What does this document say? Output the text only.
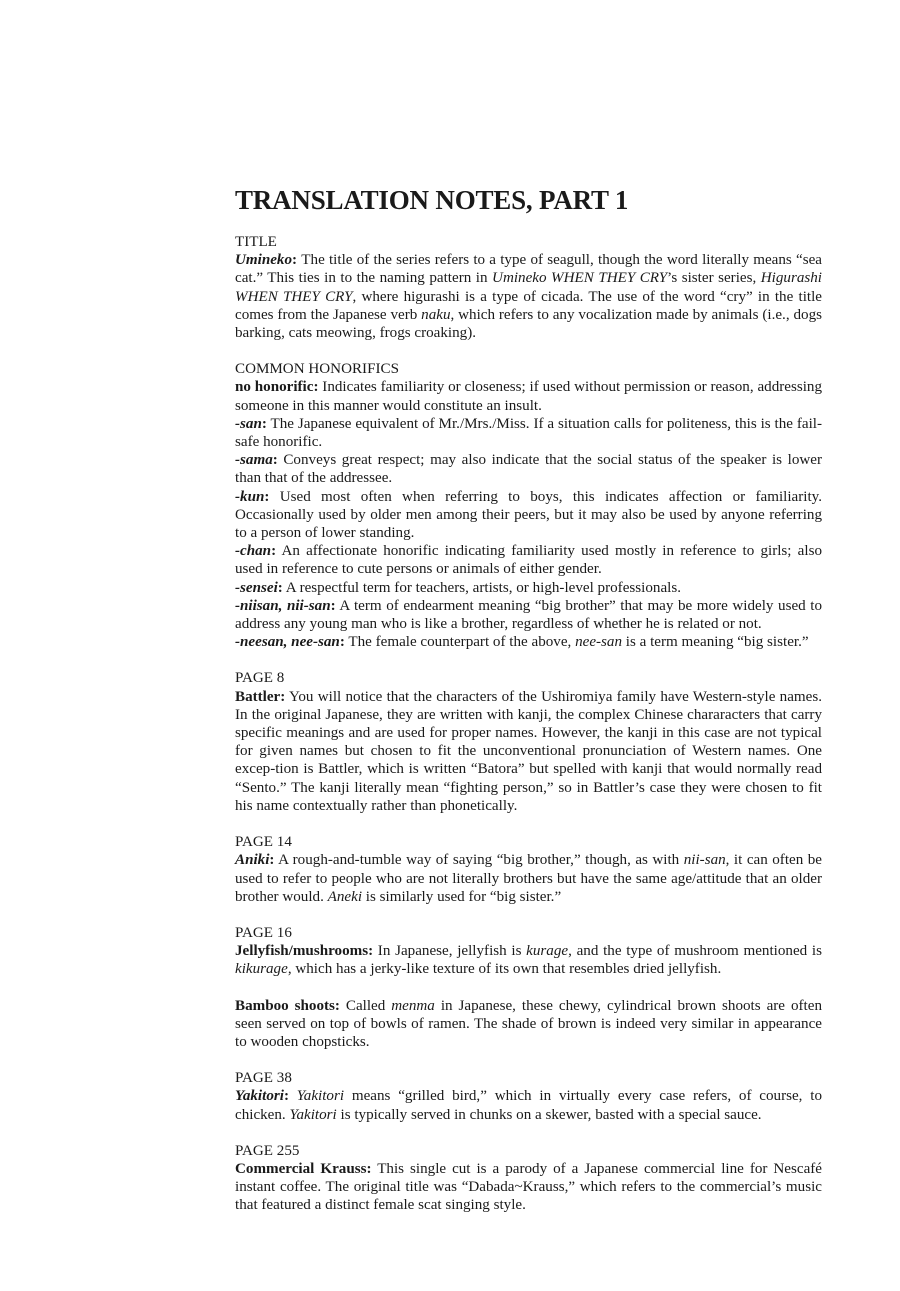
TRANSLATION NOTES, PART 1
TITLE

Umineko: The title of the series refers to a type of seagull, though the word literally means “sea cat.” This ties in to the naming pattern in Umineko WHEN THEY CRY’s sister series, Higurashi WHEN THEY CRY, where higurashi is a type of cicada. The use of the word “cry” in the title comes from the Japanese verb naku, which refers to any vocalization made by animals (i.e., dogs barking, cats meowing, frogs croaking).

COMMON HONORIFICS

no honorific: Indicates familiarity or closeness; if used without permission or reason, addressing someone in this manner would constitute an insult.

-san: The Japanese equivalent of Mr./Mrs./Miss. If a situation calls for politeness, this is the fail-safe honorific.

-sama: Conveys great respect; may also indicate that the social status of the speaker is lower than that of the addressee.

-kun: Used most often when referring to boys, this indicates affection or familiarity. Occasionally used by older men among their peers, but it may also be used by anyone referring to a person of lower standing.

-chan: An affectionate honorific indicating familiarity used mostly in reference to girls; also used in reference to cute persons or animals of either gender.

-sensei: A respectful term for teachers, artists, or high-level professionals.

-niisan, nii-san: A term of endearment meaning “big brother” that may be more widely used to address any young man who is like a brother, regardless of whether he is related or not.

-neesan, nee-san: The female counterpart of the above, nee-san is a term meaning “big sister.”

PAGE 8

Battler: You will notice that the characters of the Ushiromiya family have Western-style names. In the original Japanese, they are written with kanji, the complex Chinese chararacters that carry specific meanings and are used for proper names. However, the kanji in this case are not typical for given names but chosen to fit the unconventional pronunciation of Western names. One excep-tion is Battler, which is written “Batora” but spelled with kanji that would normally read “Sento.” The kanji literally mean “fighting person,” so in Battler’s case they were chosen to fit his name contextually rather than phonetically.

PAGE 14

Aniki: A rough-and-tumble way of saying “big brother,” though, as with nii-san, it can often be used to refer to people who are not literally brothers but have the same age/attitude that an older brother would. Aneki is similarly used for “big sister.”

PAGE 16

Jellyfish/mushrooms: In Japanese, jellyfish is kurage, and the type of mushroom mentioned is kikurage, which has a jerky-like texture of its own that resembles dried jellyfish.

Bamboo shoots: Called menma in Japanese, these chewy, cylindrical brown shoots are often seen served on top of bowls of ramen. The shade of brown is indeed very similar in appearance to wooden chopsticks.

PAGE 38

Yakitori: Yakitori means “grilled bird,” which in virtually every case refers, of course, to chicken. Yakitori is typically served in chunks on a skewer, basted with a special sauce.

PAGE 255

Commercial Krauss: This single cut is a parody of a Japanese commercial line for Nescafé instant coffee. The original title was “Dabada~Krauss,” which refers to the commercial’s music that featured a distinct female scat singing style.
